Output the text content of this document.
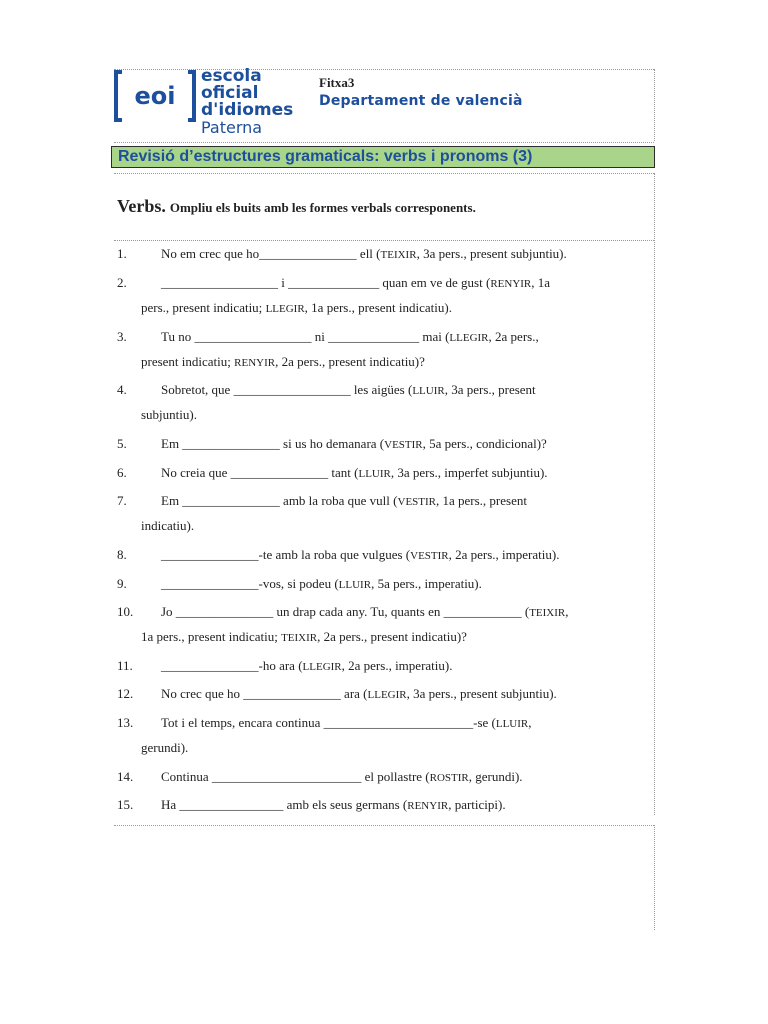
eoi
escola oficial
d'idiomes
Paterna
Fitxa3
Departament de valencià
Revisió d’estructures gramaticals: verbs i pronoms (3)
Verbs. Ompliu els buits amb les formes verbals corresponents.
1.	No em crec que ho_______________ ell (TEIXIR, 3a pers., present subjuntiu).
2.	__________________ i ______________ quan em ve de gust (RENYIR, 1a
pers., present indicatiu; LLEGIR, 1a pers., present indicatiu).
3.	Tu no __________________ ni ______________ mai (LLEGIR, 2a pers.,
present indicatiu; RENYIR, 2a pers., present indicatiu)?
4.	Sobretot, que __________________ les aigües (LLUIR, 3a pers., present
subjuntiu).
5.	Em _______________ si us ho demanara (VESTIR, 5a pers., condicional)?
6.	No creia que _______________ tant (LLUIR, 3a pers., imperfet subjuntiu).
7.	Em _______________ amb la roba que vull (VESTIR, 1a pers., present
indicatiu).
8.	_______________-te amb la roba que vulgues (VESTIR, 2a pers., imperatiu).
9.	_______________-vos, si podeu (LLUIR, 5a pers., imperatiu).
10. Jo _______________ un drap cada any. Tu, quants en ____________ (TEIXIR,
1a pers., present indicatiu; TEIXIR, 2a pers., present indicatiu)?
11. _______________-ho ara (LLEGIR, 2a pers., imperatiu).
12. No crec que ho _______________ ara (LLEGIR, 3a pers., present subjuntiu).
13. Tot i el temps, encara continua _______________________-se (LLUIR,
gerundi).
14. Continua _______________________ el pollastre (ROSTIR, gerundi).
15. Ha ________________ amb els seus germans (RENYIR, participi).
